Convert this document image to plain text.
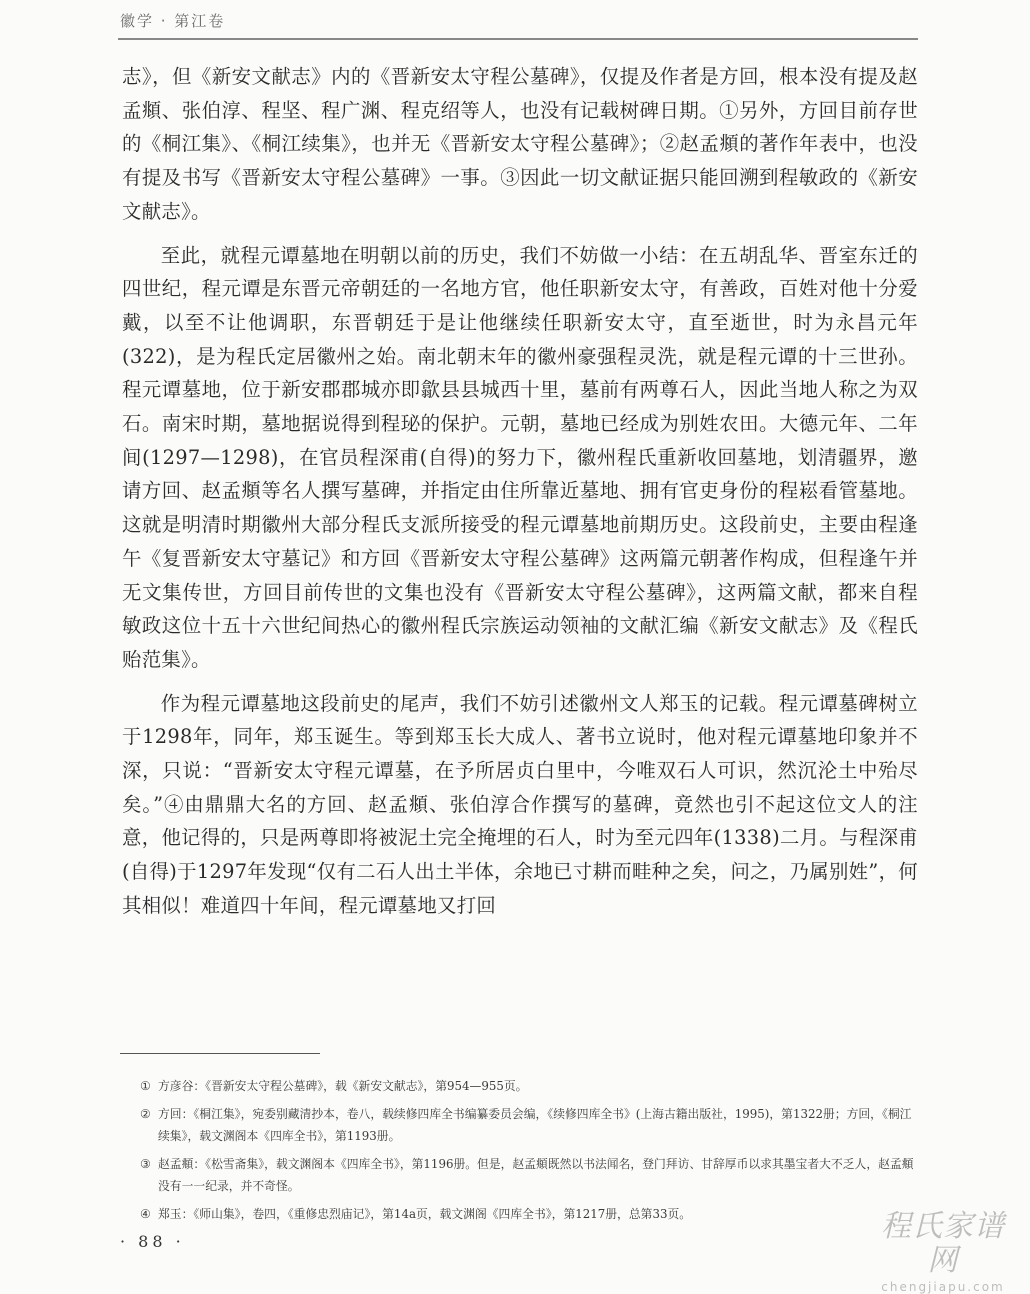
徽学 · 第江卷

志》，但《新安文献志》内的《晋新安太守程公墓碑》，仅提及作者是方回，根本没有提及赵孟頫、张伯淳、程坚、程广渊、程克绍等人，也没有记载树碑日期。①另外，方回目前存世的《桐江集》、《桐江续集》，也并无《晋新安太守程公墓碑》；②赵孟頫的著作年表中，也没有提及书写《晋新安太守程公墓碑》一事。③因此一切文献证据只能回溯到程敏政的《新安文献志》。

至此，就程元谭墓地在明朝以前的历史，我们不妨做一小结：在五胡乱华、晋室东迁的四世纪，程元谭是东晋元帝朝廷的一名地方官，他任职新安太守，有善政，百姓对他十分爱戴，以至不让他调职，东晋朝廷于是让他继续任职新安太守，直至逝世，时为永昌元年(322)，是为程氏定居徽州之始。南北朝末年的徽州豪强程灵洗，就是程元谭的十三世孙。程元谭墓地，位于新安郡郡城亦即歙县县城西十里，墓前有两尊石人，因此当地人称之为双石。南宋时期，墓地据说得到程珌的保护。元朝，墓地已经成为别姓农田。大德元年、二年间(1297—1298)，在官员程深甫(自得)的努力下，徽州程氏重新收回墓地，划清疆界，邀请方回、赵孟頫等名人撰写墓碑，并指定由住所靠近墓地、拥有官吏身份的程崧看管墓地。这就是明清时期徽州大部分程氏支派所接受的程元谭墓地前期历史。这段前史，主要由程逢午《复晋新安太守墓记》和方回《晋新安太守程公墓碑》这两篇元朝著作构成，但程逢午并无文集传世，方回目前传世的文集也没有《晋新安太守程公墓碑》，这两篇文献，都来自程敏政这位十五十六世纪间热心的徽州程氏宗族运动领袖的文献汇编《新安文献志》及《程氏贻范集》。

作为程元谭墓地这段前史的尾声，我们不妨引述徽州文人郑玉的记载。程元谭墓碑树立于1298年，同年，郑玉诞生。等到郑玉长大成人、著书立说时，他对程元谭墓地印象并不深，只说：“晋新安太守程元谭墓，在予所居贞白里中，今唯双石人可识，然沉沦土中殆尽矣。”④由鼎鼎大名的方回、赵孟頫、张伯淳合作撰写的墓碑，竟然也引不起这位文人的注意，他记得的，只是两尊即将被泥土完全掩埋的石人，时为至元四年(1338)二月。与程深甫(自得)于1297年发现“仅有二石人出土半体，余地已寸耕而畦种之矣，问之，乃属别姓”，何其相似！难道四十年间，程元谭墓地又打回

① 方彦谷：《晋新安太守程公墓碑》，载《新安文献志》，第954—955页。

② 方回：《桐江集》，宛委别藏清抄本，卷八，载续修四库全书编纂委员会编，《续修四库全书》(上海古籍出版社，1995)，第1322册；方回，《桐江续集》，载文渊阁本《四库全书》，第1193册。

③ 赵孟頫：《松雪斋集》，载文渊阁本《四库全书》，第1196册。但是，赵孟頫既然以书法闻名，登门拜访、甘辞厚币以求其墨宝者大不乏人，赵孟頫没有一一纪录，并不奇怪。

④ 郑玉：《师山集》，卷四，《重修忠烈庙记》，第14a页，载文渊阁《四库全书》，第1217册，总第33页。

· 88 ·	程氏家谱网
chengjiapu.com
